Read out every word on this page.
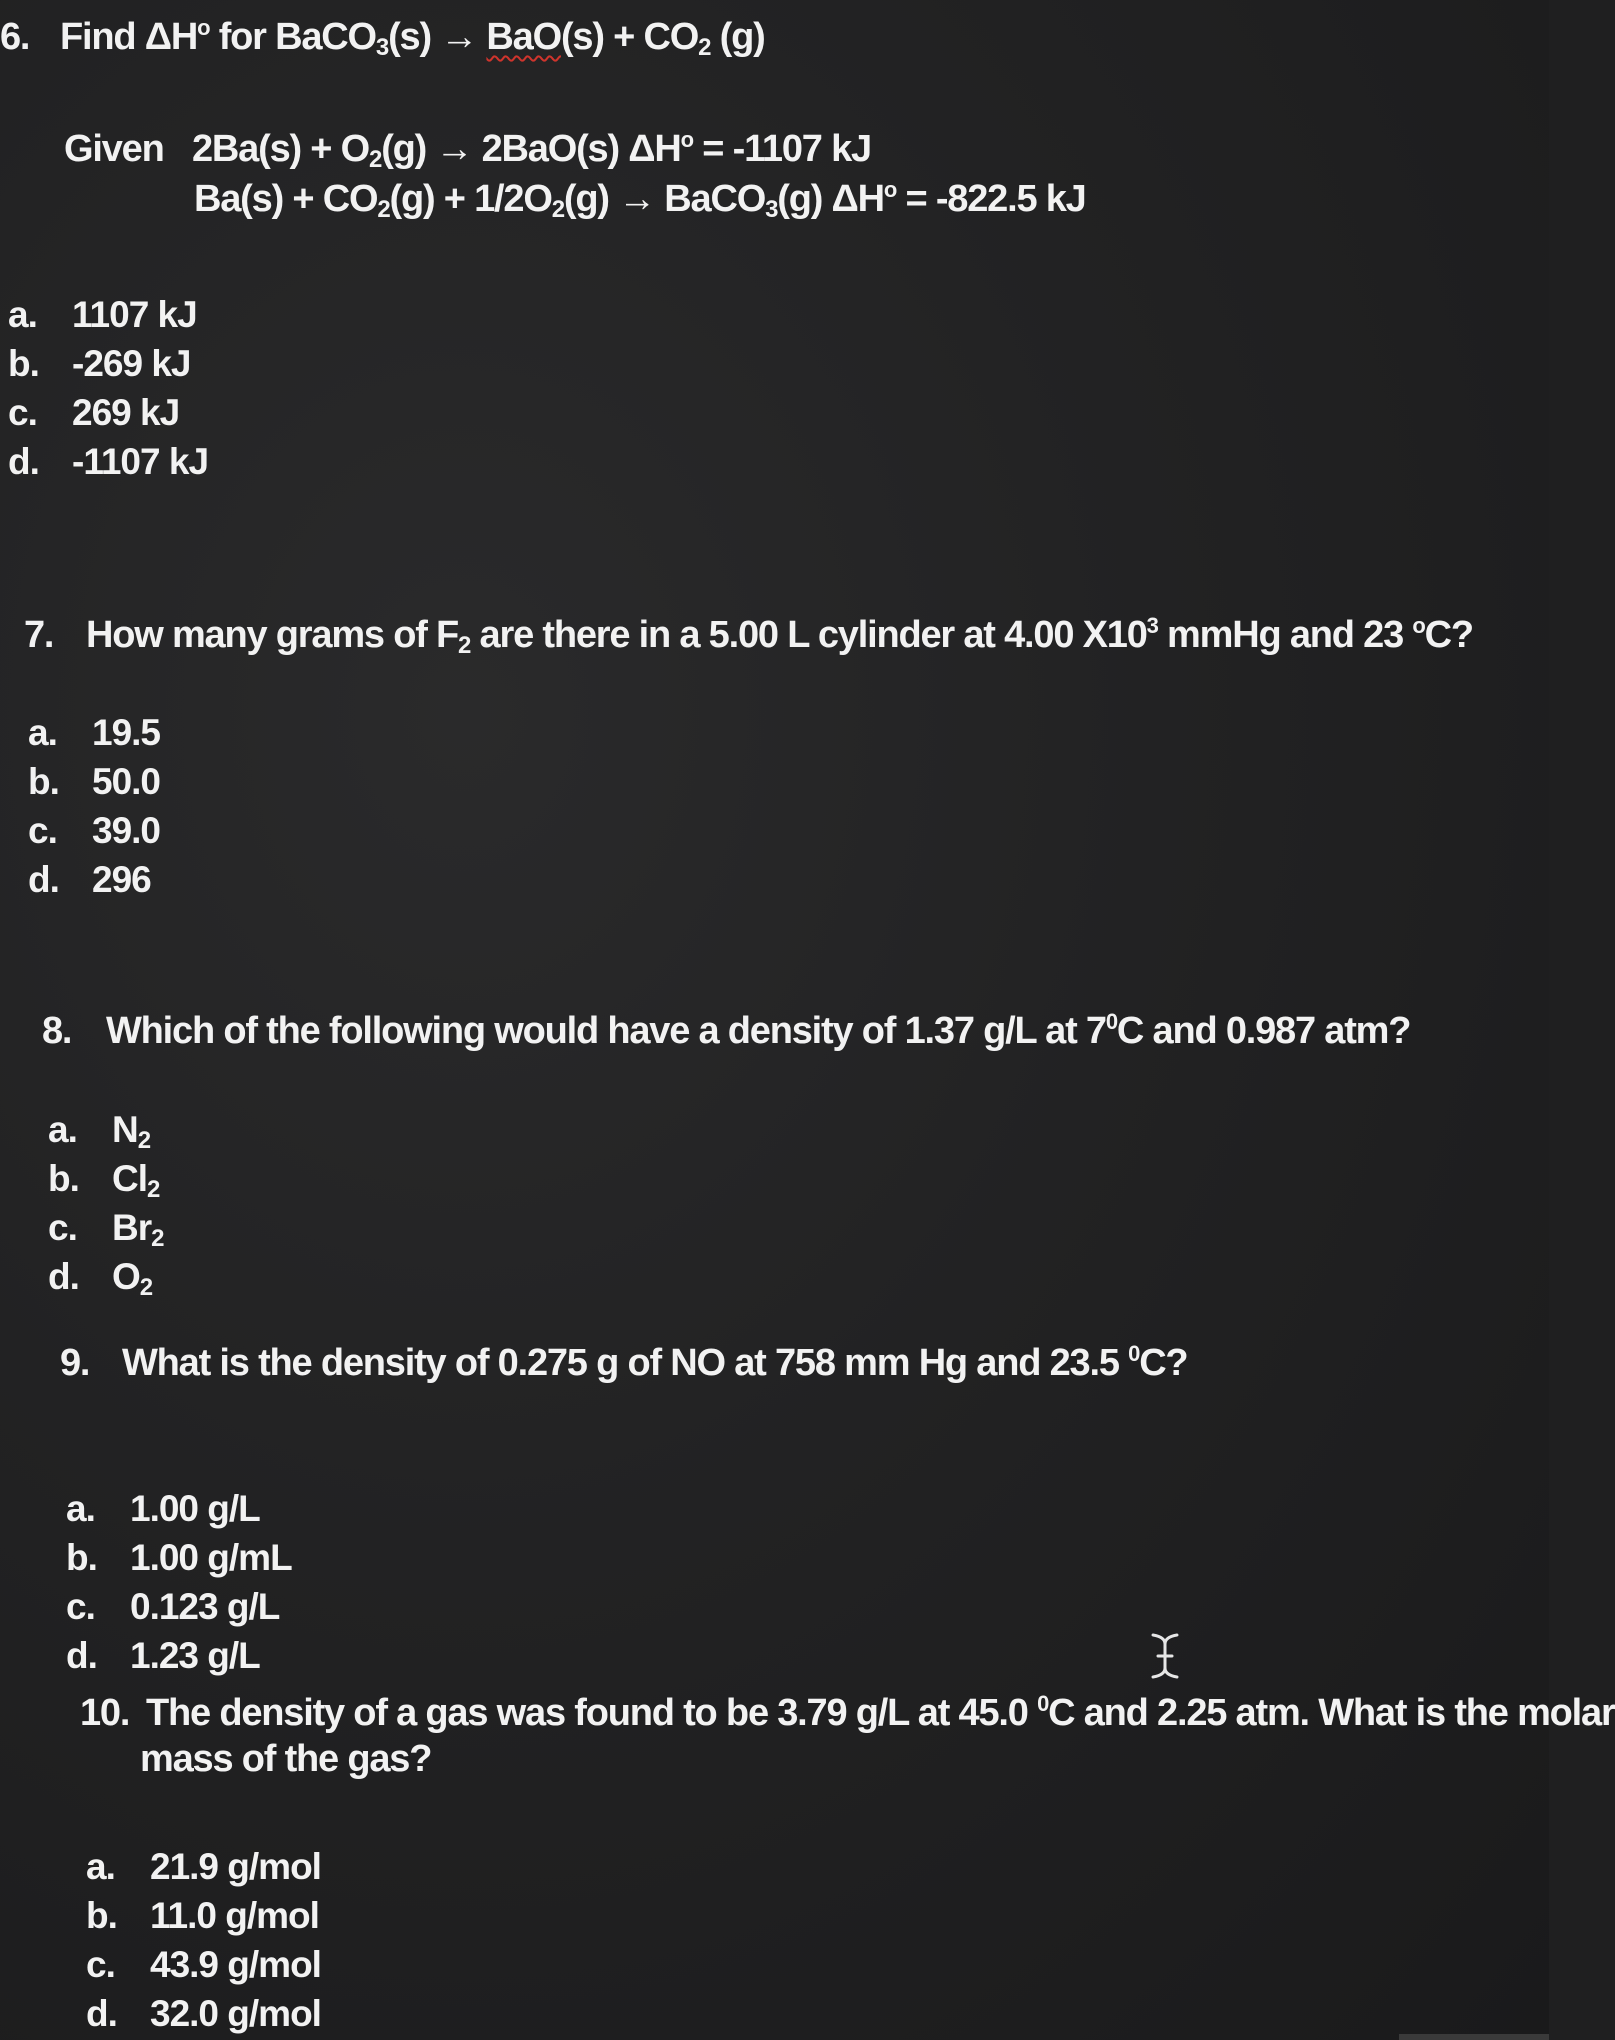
6. Find $\Delta H^o$ for BaCO$_3$(s) → $BaO(s) + CO_2$ (g)
Given $2Ba(s) + O_2(g) \to 2BaO(s) \Delta H^o = -1107$ kJ
$Ba(s) + CO_2(g) + 1/2O_2(g)$ → BaCO$_3$(g) $\Delta H^o = -822.5$ kJ
a. 1107 kJ
b. -269 kJ
c. 269 kJ
d. -1107 kJ
7. How many grams of $F_2$ are there in a 5.00 L cylinder at 4.00 $X10^3$ mmHg and 23 $^o$C?
a. 19.5
b. 50.0
c. 39.0
d. 296
8. Which of the following would have a density of 1.37 g/L at $7^0C$ and 0.987 atm?
a. $N_2$
b. $Cl_2$
c. $Br_2$
d. $O_2$
9. What is the density of 0.275 g of NO at 758 mm Hg and 23.5 $^0$C?
a. 1.00 g/L
b. 1.00 g/mL
c. 0.123 g/L
d. 1.23 g/L
10. The density of a gas was found to be 3.79 g/L at 45.0 $^0$C and 2.25 atm. What is the molar
mass of the gas?
a. 21.9 g/mol
b. 11.0 g/mol
c. 43.9 g/mol
d. 32.0 g/mol
